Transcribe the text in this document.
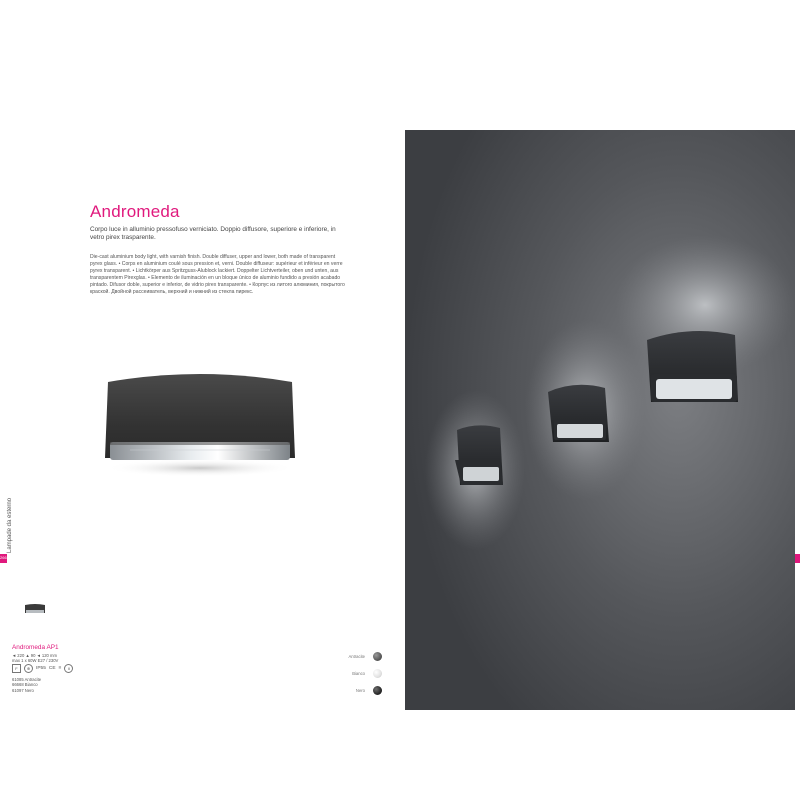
Lampade da esterno
266
Andromeda
Corpo luce in alluminio pressofuso verniciato. Doppio diffusore, superiore e inferiore, in vetro pirex trasparente.
Die-cast aluminium body light, with varnish finish. Double diffuser, upper and lower, both made of transparent pyrex glass. • Corps en aluminium coulé sous pression et, verni. Double diffuseur: supérieur et inférieur en verre pyrex transparent. • Lichtkörper aus Spritzguss-Alublock lackiert. Doppelter Lichtverteiler, oben und unten, aus transparentem Pirexglas. • Elemento de iluminación en un bloque único de aluminio fundido a presión acabado pintado. Difusor doble, superior e inferior, de vidrio pirex transparente. • Корпус из литого алюминия, покрытого краской. Двойной рассеиватель, верхний и нижний из стекла пирекс.
Andromeda AP1
◄ 220 ▲ 90 ◄ 120 mm
max 1 x 60W E27 / 230V
F	⊕	IP55 CE ≡	II
61085 Antracite
66668 Bianco
61097 Nero
Antracite
Bianco
Nero
